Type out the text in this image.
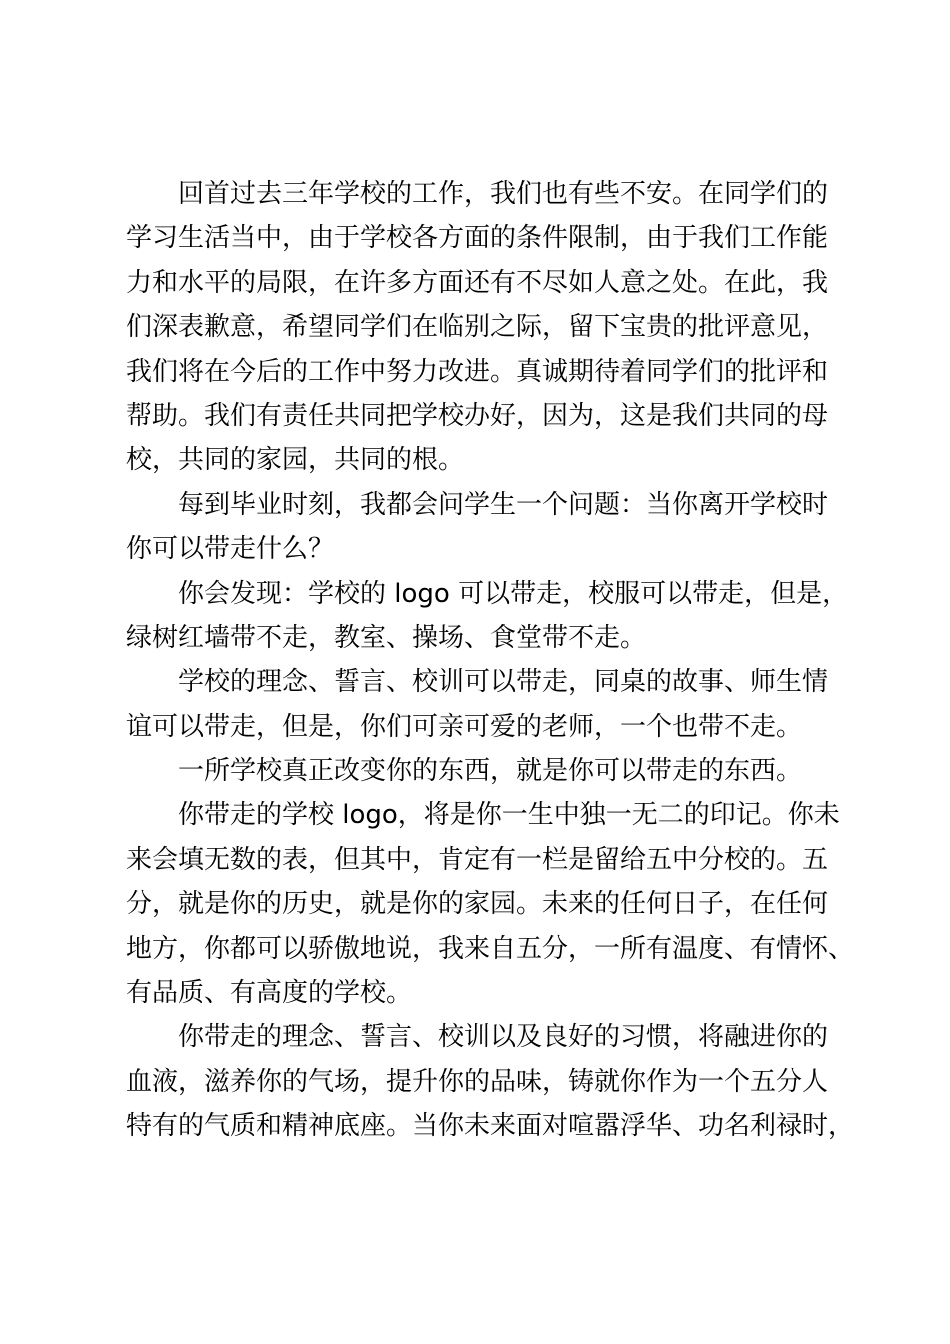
回首过去三年学校的工作，我们也有些不安。在同学们的
学习生活当中，由于学校各方面的条件限制，由于我们工作能
力和水平的局限，在许多方面还有不尽如人意之处。在此，我
们深表歉意，希望同学们在临别之际，留下宝贵的批评意见，
我们将在今后的工作中努力改进。真诚期待着同学们的批评和
帮助。我们有责任共同把学校办好，因为，这是我们共同的母
校，共同的家园，共同的根。
每到毕业时刻，我都会问学生一个问题：当你离开学校时
你可以带走什么？
你会发现：学校的 logo 可以带走，校服可以带走，但是，
绿树红墙带不走，教室、操场、食堂带不走。
学校的理念、誓言、校训可以带走，同桌的故事、师生情
谊可以带走，但是，你们可亲可爱的老师，一个也带不走。
一所学校真正改变你的东西，就是你可以带走的东西。
你带走的学校 logo，将是你一生中独一无二的印记。你未
来会填无数的表，但其中，肯定有一栏是留给五中分校的。五
分，就是你的历史，就是你的家园。未来的任何日子，在任何
地方，你都可以骄傲地说，我来自五分，一所有温度、有情怀、
有品质、有高度的学校。
你带走的理念、誓言、校训以及良好的习惯，将融进你的
血液，滋养你的气场，提升你的品味，铸就你作为一个五分人
特有的气质和精神底座。当你未来面对喧嚣浮华、功名利禄时，
